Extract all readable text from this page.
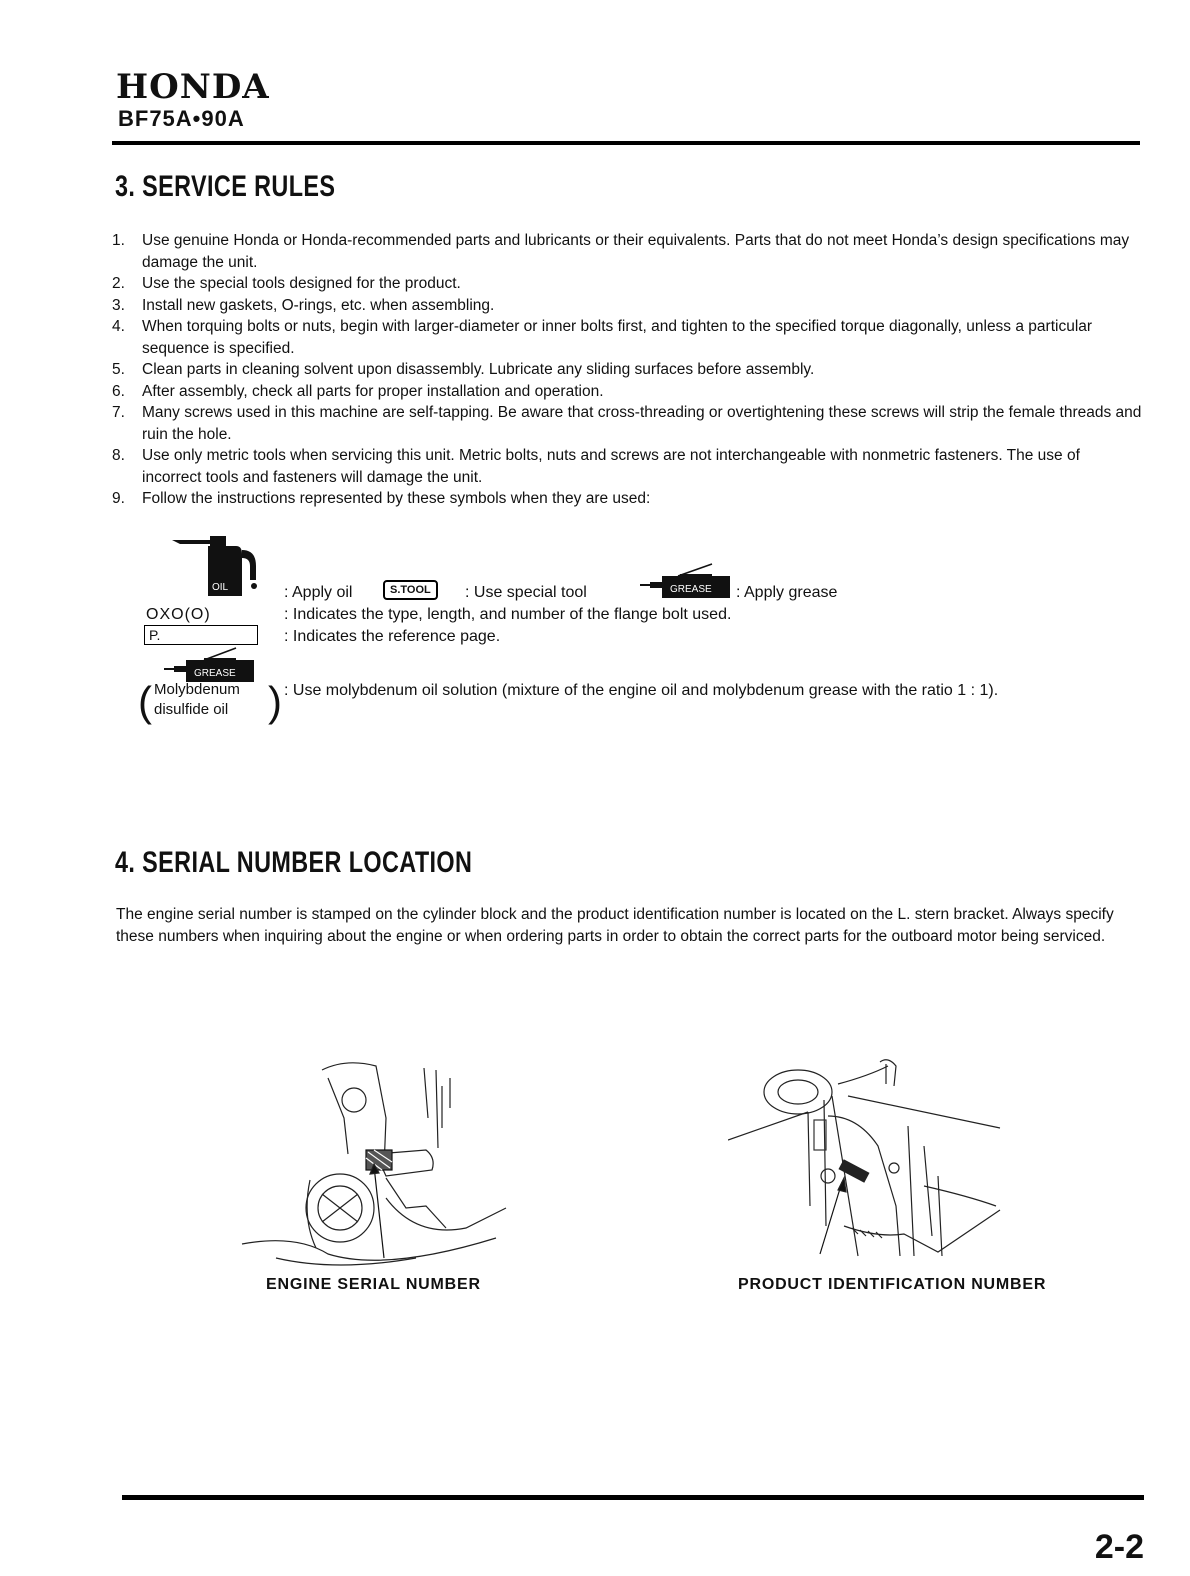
HONDA
BF75A•90A
3. SERVICE RULES
1. Use genuine Honda or Honda-recommended parts and lubricants or their equivalents. Parts that do not meet Honda’s design specifications may damage the unit.
2. Use the special tools designed for the product.
3. Install new gaskets, O-rings, etc. when assembling.
4. When torquing bolts or nuts, begin with larger-diameter or inner bolts first, and tighten to the specified torque diagonally, unless a particular sequence is specified.
5. Clean parts in cleaning solvent upon disassembly. Lubricate any sliding surfaces before assembly.
6. After assembly, check all parts for proper installation and operation.
7. Many screws used in this machine are self-tapping. Be aware that cross-threading or overtightening these screws will strip the female threads and ruin the hole.
8. Use only metric tools when servicing this unit. Metric bolts, nuts and screws are not interchangeable with nonmetric fasteners. The use of incorrect tools and fasteners will damage the unit.
9. Follow the instructions represented by these symbols when they are used:
OIL	: Apply oil	S.TOOL	: Use special tool	GREASE : Apply grease
OXO(O)	: Indicates the type, length, and number of the flange bolt used.
P.	: Indicates the reference page.
GREASE
( Molybdenum
disulfide oil ) : Use molybdenum oil solution (mixture of the engine oil and molybdenum grease with the ratio 1 : 1).
4. SERIAL NUMBER LOCATION
The engine serial number is stamped on the cylinder block and the product identification number is located on the L. stern bracket. Always specify these numbers when inquiring about the engine or when ordering parts in order to obtain the correct parts for the outboard motor being serviced.
ENGINE SERIAL NUMBER	PRODUCT IDENTIFICATION NUMBER
2-2
